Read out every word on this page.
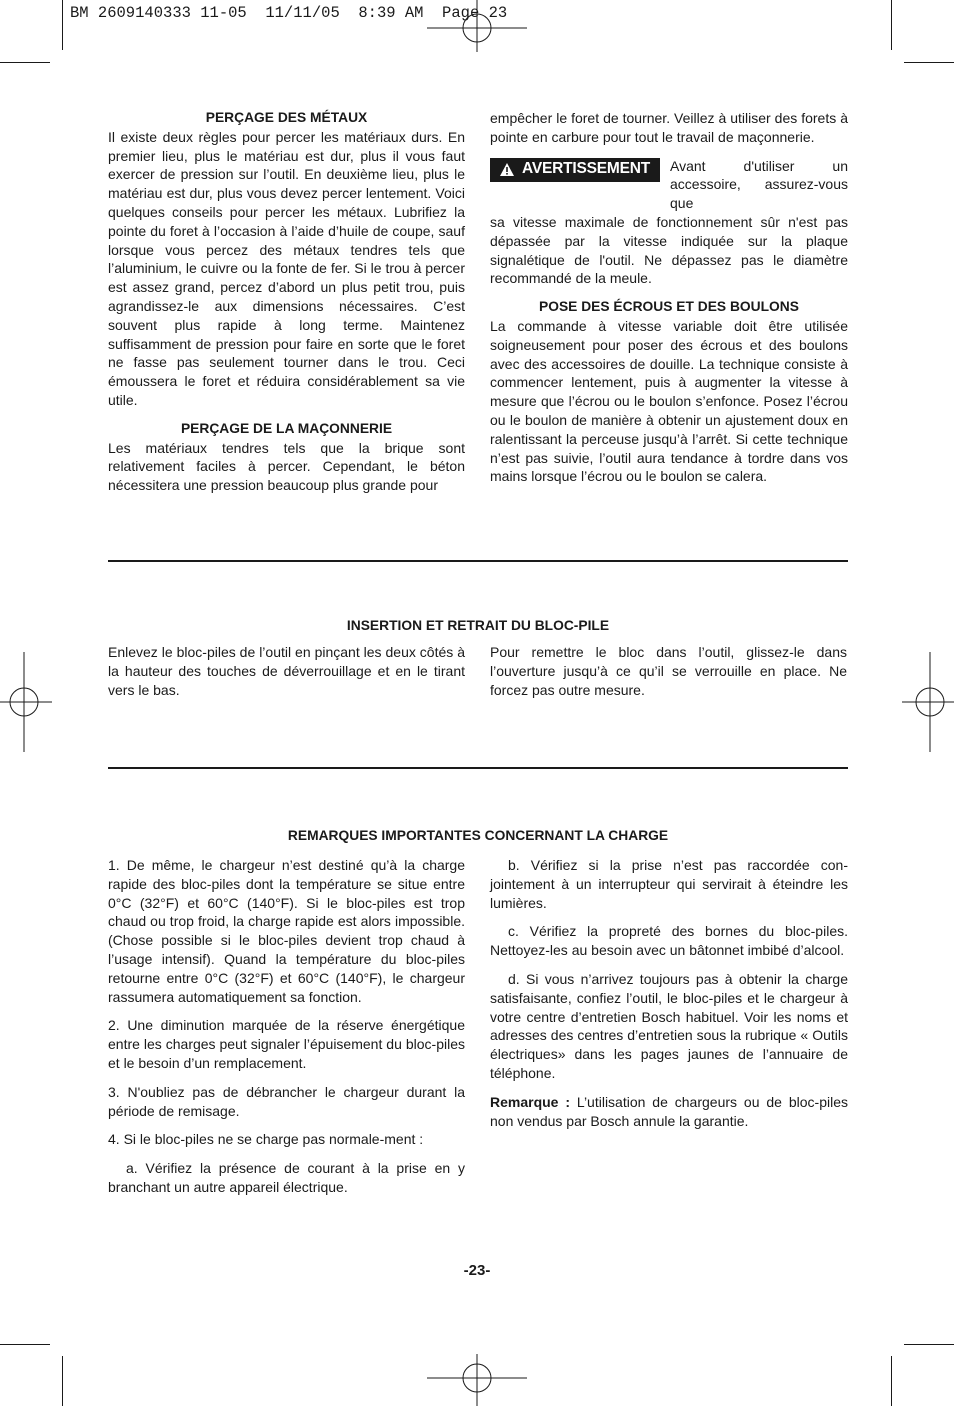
BM 2609140333 11-05  11/11/05  8:39 AM  Page 23
PERÇAGE DES MÉTAUX

Il existe deux règles pour percer les matériaux durs. En premier lieu, plus le matériau est dur, plus il vous faut exercer de pression sur l’outil. En deuxième lieu, plus le matériau est dur, plus vous devez percer lentement. Voici quelques conseils pour percer les métaux. Lubrifiez la pointe du foret à l’occasion à l’aide d’huile de coupe, sauf lorsque vous percez des métaux tendres tels que l’aluminium, le cuivre ou la fonte de fer. Si le trou à percer est assez grand, percez d’abord un plus petit trou, puis agrandissez-le aux dimensions nécessaires. C’est souvent plus rapide à long terme. Maintenez suffisamment de pression pour faire en sorte que le foret ne fasse pas seulement tourner dans le trou. Ceci émoussera le foret et réduira considérablement sa vie utile.

PERÇAGE DE LA MAÇONNERIE

Les matériaux tendres tels que la brique sont relativement faciles à percer. Cependant, le béton nécessitera une pression beaucoup plus grande pour

empêcher le foret de tourner. Veillez à utiliser des forets à pointe en carbure pour tout le travail de maçonnerie.

AVERTISSEMENT Avant d'utiliser un accessoire, assurez-vous que

sa vitesse maximale de fonctionnement sûr n'est pas dépassée par la vitesse indiquée sur la plaque signalétique de l'outil. Ne dépassez pas le diamètre recommandé de la meule.

POSE DES ÉCROUS ET DES BOULONS

La commande à vitesse variable doit être utilisée soigneusement pour poser des écrous et des boulons avec des accessoires de douille. La technique consiste à commencer lentement, puis à augmenter la vitesse à mesure que l’écrou ou le boulon s’enfonce. Posez l’écrou ou le boulon de manière à obtenir un ajustement doux en ralentissant la perceuse jusqu’à l’arrêt. Si cette technique n’est pas suivie, l’outil aura tendance à tordre dans vos mains lorsque l’écrou ou le boulon se calera.

INSERTION ET RETRAIT DU BLOC-PILE

Enlevez le bloc-piles de l’outil en pinçant les deux côtés à la hauteur des touches de déverrouillage et en le tirant vers le bas.

Pour remettre le bloc dans l’outil, glissez-le dans l’ouverture jusqu’à ce qu’il se verrouille en place. Ne forcez pas outre mesure.

REMARQUES IMPORTANTES CONCERNANT LA CHARGE

1. De même, le chargeur n’est destiné qu’à la charge rapide des bloc-piles dont la température se situe entre 0°C (32°F) et 60°C (140°F). Si le bloc-piles est trop chaud ou trop froid, la charge rapide est alors impossible. (Chose possible si le bloc-piles devient trop chaud à l’usage intensif). Quand la température du bloc-piles retourne entre 0°C (32°F) et 60°C (140°F), le chargeur rassumera automatiquement sa fonction.

2. Une diminution marquée de la réserve énergétique entre les charges peut signaler l’épuisement du bloc-piles et le besoin d’un remplacement.

3. N'oubliez pas de débrancher le chargeur durant la période de remisage.

4. Si le bloc-piles ne se charge pas normale-ment :

a. Vérifiez la présence de courant à la prise en y branchant un autre appareil électrique.

b. Vérifiez si la prise n’est pas raccordée con-jointement à un interrupteur qui servirait à éteindre les lumières.

c. Vérifiez la propreté des bornes du bloc-piles. Nettoyez-les au besoin avec un bâtonnet imbibé d’alcool.

d. Si vous n’arrivez toujours pas à obtenir la charge satisfaisante, confiez l’outil, le bloc-piles et le chargeur à votre centre d’entretien Bosch habituel. Voir les noms et adresses des centres d’entretien sous la rubrique « Outils électriques» dans les pages jaunes de l’annuaire de téléphone.

Remarque : L’utilisation de chargeurs ou de bloc-piles non vendus par Bosch annule la garantie.

-23-
